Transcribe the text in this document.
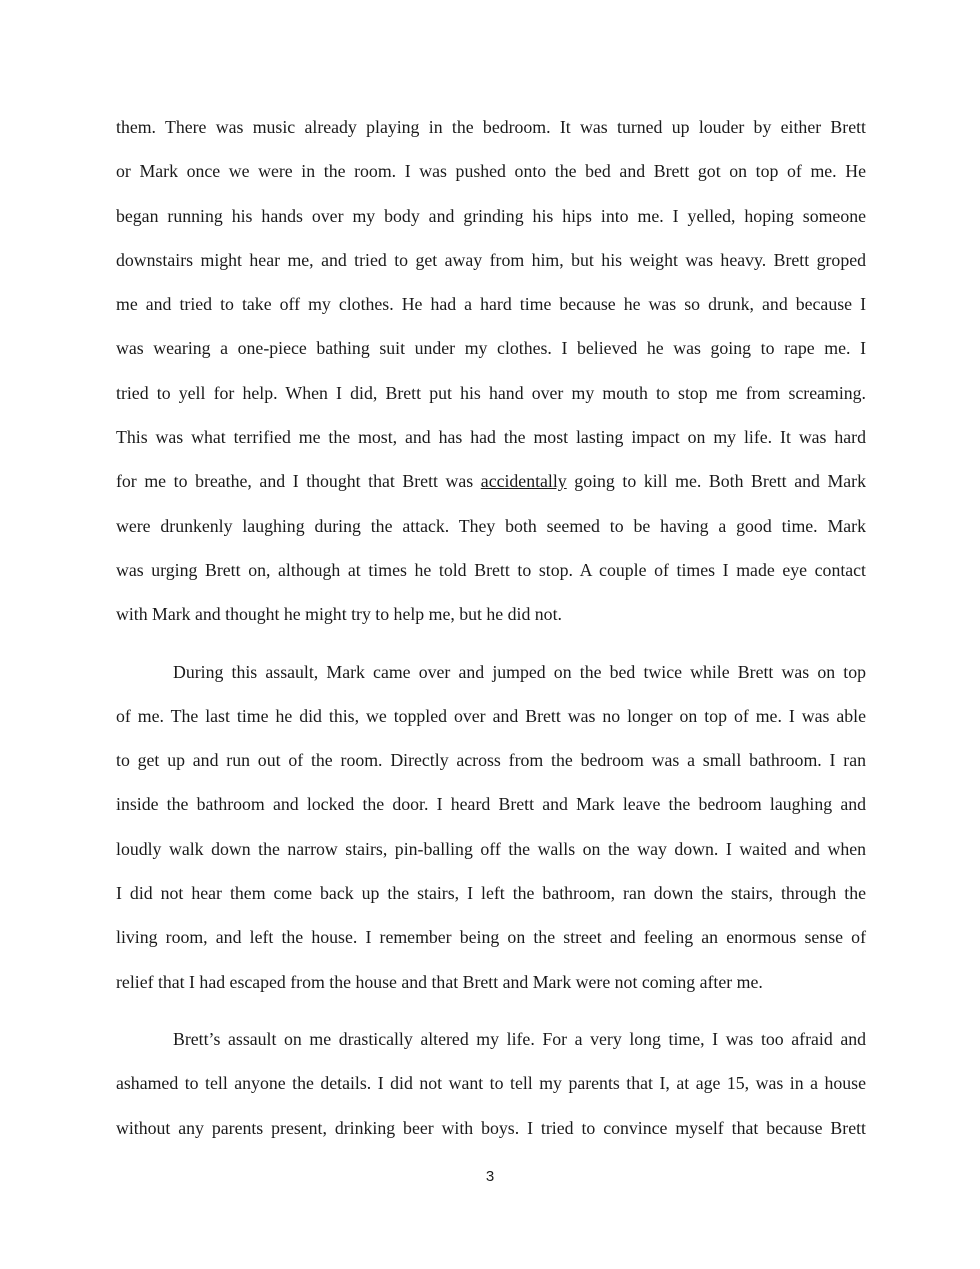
them. There was music already playing in the bedroom. It was turned up louder by either Brett
or Mark once we were in the room. I was pushed onto the bed and Brett got on top of me. He
began running his hands over my body and grinding his hips into me. I yelled, hoping someone
downstairs might hear me, and tried to get away from him, but his weight was heavy. Brett groped
me and tried to take off my clothes. He had a hard time because he was so drunk, and because I
was wearing a one-piece bathing suit under my clothes. I believed he was going to rape me. I
tried to yell for help. When I did, Brett put his hand over my mouth to stop me from screaming.
This was what terrified me the most, and has had the most lasting impact on my life. It was hard
for me to breathe, and I thought that Brett was accidentally going to kill me. Both Brett and Mark
were drunkenly laughing during the attack. They both seemed to be having a good time. Mark
was urging Brett on, although at times he told Brett to stop. A couple of times I made eye contact
with Mark and thought he might try to help me, but he did not.
During this assault, Mark came over and jumped on the bed twice while Brett was on top
of me. The last time he did this, we toppled over and Brett was no longer on top of me. I was able
to get up and run out of the room. Directly across from the bedroom was a small bathroom. I ran
inside the bathroom and locked the door. I heard Brett and Mark leave the bedroom laughing and
loudly walk down the narrow stairs, pin-balling off the walls on the way down. I waited and when
I did not hear them come back up the stairs, I left the bathroom, ran down the stairs, through the
living room, and left the house. I remember being on the street and feeling an enormous sense of
relief that I had escaped from the house and that Brett and Mark were not coming after me.
Brett’s assault on me drastically altered my life. For a very long time, I was too afraid and
ashamed to tell anyone the details. I did not want to tell my parents that I, at age 15, was in a house
without any parents present, drinking beer with boys. I tried to convince myself that because Brett
3
